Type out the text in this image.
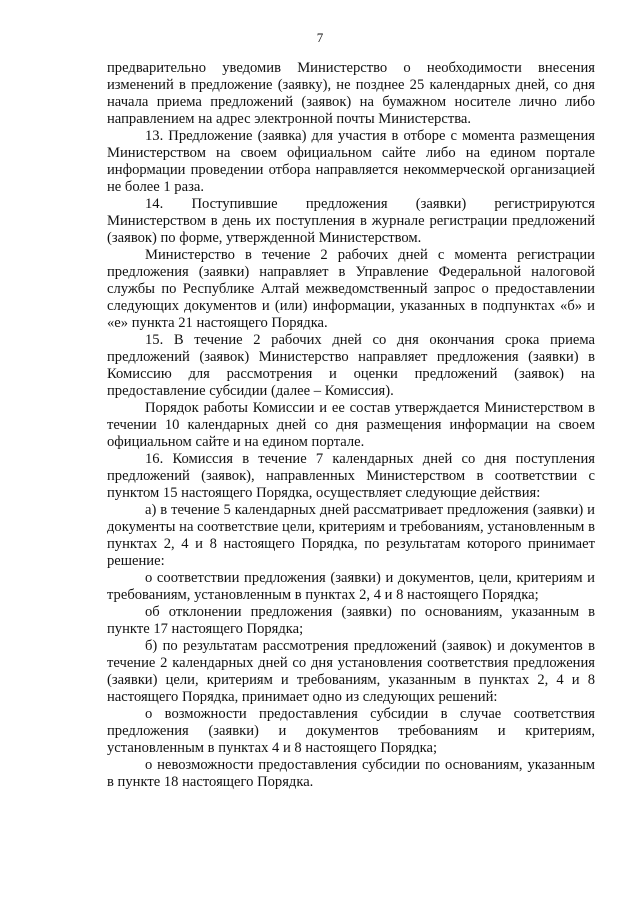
7

предварительно уведомив Министерство о необходимости внесения изменений в предложение (заявку), не позднее 25 календарных дней, со дня начала приема предложений (заявок) на бумажном носителе лично либо направлением на адрес электронной почты Министерства.

13. Предложение (заявка) для участия в отборе с момента размещения Министерством на своем официальном сайте либо на едином портале информации проведении отбора направляется некоммерческой организацией не более 1 раза.

14. Поступившие предложения (заявки) регистрируются Министерством в день их поступления в журнале регистрации предложений (заявок) по форме, утвержденной Министерством.

Министерство в течение 2 рабочих дней с момента регистрации предложения (заявки) направляет в Управление Федеральной налоговой службы по Республике Алтай межведомственный запрос о предоставлении следующих документов и (или) информации, указанных в подпунктах «б» и «е» пункта 21 настоящего Порядка.

15. В течение 2 рабочих дней со дня окончания срока приема предложений (заявок) Министерство направляет предложения (заявки) в Комиссию для рассмотрения и оценки предложений (заявок) на предоставление субсидии (далее – Комиссия).

Порядок работы Комиссии и ее состав утверждается Министерством в течении 10 календарных дней со дня размещения информации на своем официальном сайте и на едином портале.

16. Комиссия в течение 7 календарных дней со дня поступления предложений (заявок), направленных Министерством в соответствии с пунктом 15 настоящего Порядка, осуществляет следующие действия:

а) в течение 5 календарных дней рассматривает предложения (заявки) и документы на соответствие цели, критериям и требованиям, установленным в пунктах 2, 4 и 8 настоящего Порядка, по результатам которого принимает решение:

о соответствии предложения (заявки) и документов, цели, критериям и требованиям, установленным в пунктах 2, 4 и 8 настоящего Порядка;

об отклонении предложения (заявки) по основаниям, указанным в пункте 17 настоящего Порядка;

б) по результатам рассмотрения предложений (заявок) и документов в течение 2 календарных дней со дня установления соответствия предложения (заявки) цели, критериям и требованиям, указанным в пунктах 2, 4 и 8 настоящего Порядка, принимает одно из следующих решений:

о возможности предоставления субсидии в случае соответствия предложения (заявки) и документов требованиям и критериям, установленным в пунктах 4 и 8 настоящего Порядка;

о невозможности предоставления субсидии по основаниям, указанным в пункте 18 настоящего Порядка.
